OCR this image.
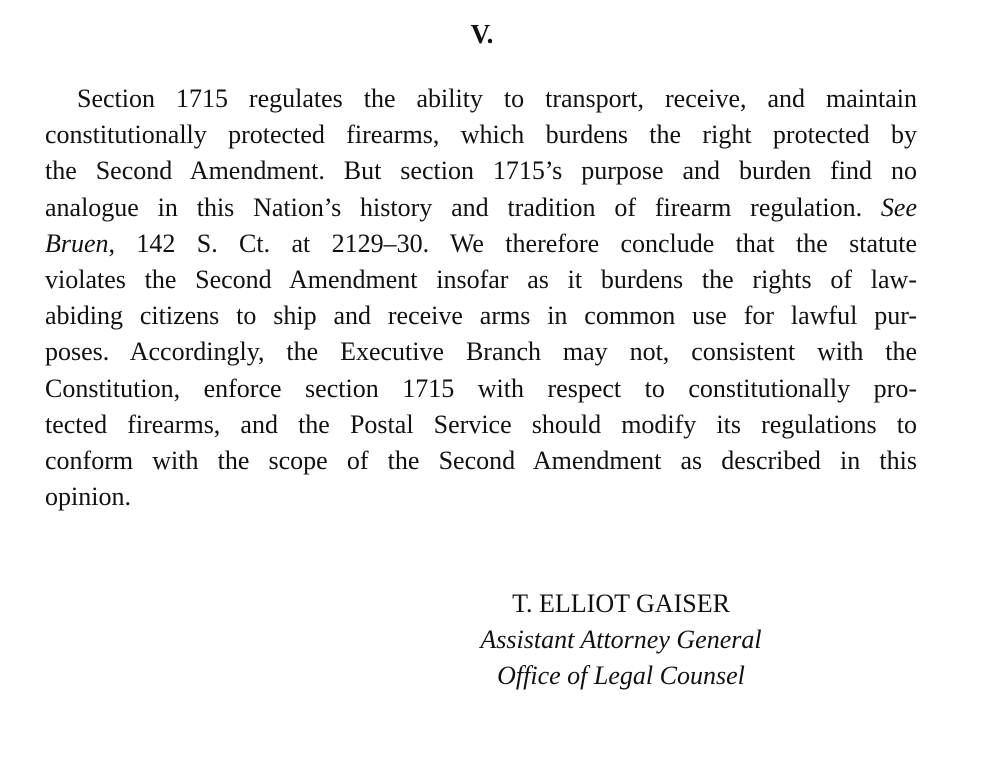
V.
Section 1715 regulates the ability to transport, receive, and maintain
constitutionally protected firearms, which burdens the right protected by
the Second Amendment. But section 1715’s purpose and burden find no
analogue in this Nation’s history and tradition of firearm regulation. See
Bruen, 142 S. Ct. at 2129–30. We therefore conclude that the statute
violates the Second Amendment insofar as it burdens the rights of law-
abiding citizens to ship and receive arms in common use for lawful pur-
poses. Accordingly, the Executive Branch may not, consistent with the
Constitution, enforce section 1715 with respect to constitutionally pro-
tected firearms, and the Postal Service should modify its regulations to
conform with the scope of the Second Amendment as described in this
opinion.
T. ELLIOT GAISER
Assistant Attorney General
Office of Legal Counsel
